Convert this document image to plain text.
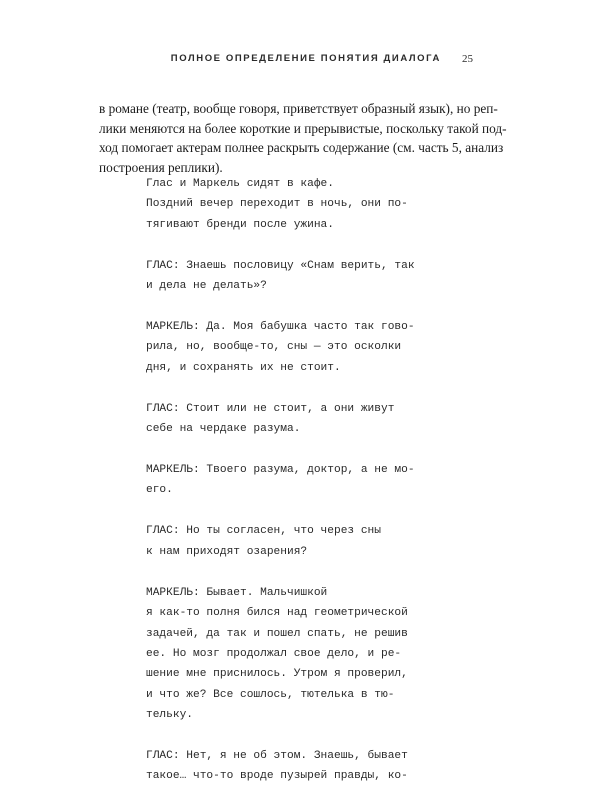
ПОЛНОЕ ОПРЕДЕЛЕНИЕ ПОНЯТИЯ ДИАЛОГА 25
в романе (театр, вообще говоря, приветствует образный язык), но реп-
лики меняются на более короткие и прерывистые, поскольку такой под-
ход помогает актерам полнее раскрыть содержание (см. часть 5, анализ
построения реплики).
Глас и Маркель сидят в кафе.
Поздний вечер переходит в ночь, они по-
тягивают бренди после ужина.
ГЛАС: Знаешь пословицу «Снам верить, так
и дела не делать»?
МАРКЕЛЬ: Да. Моя бабушка часто так гово-
рила, но, вообще-то, сны — это осколки
дня, и сохранять их не стоит.
ГЛАС: Стоит или не стоит, а они живут
себе на чердаке разума.
МАРКЕЛЬ: Твоего разума, доктор, а не мо-
его.
ГЛАС: Но ты согласен, что через сны
к нам приходят озарения?
МАРКЕЛЬ: Бывает. Мальчишкой
я как-то полня бился над геометрической
задачей, да так и пошел спать, не решив
ее. Но мозг продолжал свое дело, и ре-
шение мне приснилось. Утром я проверил,
и что же? Все сошлось, тютелька в тю-
тельку.
ГЛАС: Нет, я не об этом. Знаешь, бывает
такое… что-то вроде пузырей правды, ко-
